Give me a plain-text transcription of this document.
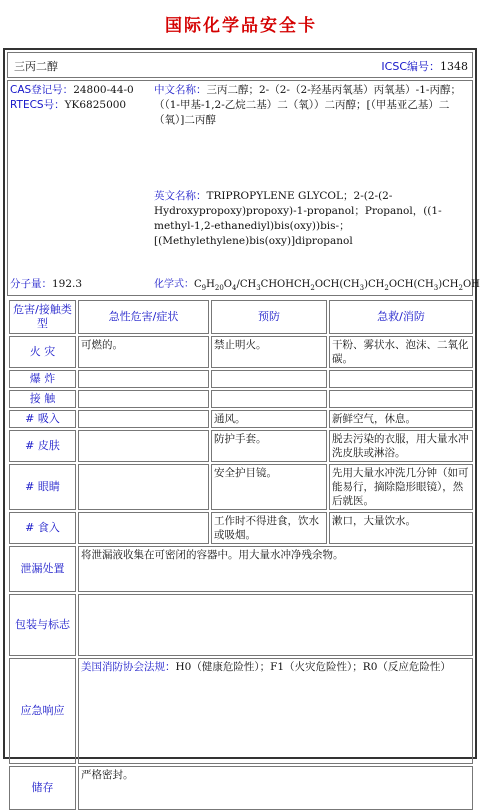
国际化学品安全卡
三丙二醇	ICSC编号：1348
CAS登记号：24800-44-0
RTECS号：YK6825000
中文名称：三丙二醇；2-（2-（2-羟基丙氧基）丙氧基）-1-丙醇；（（1-甲基-1,2-乙烷二基）二（氧））二丙醇；[（甲基亚乙基）二（氧）]二丙醇
英文名称：TRIPROPYLENE GLYCOL；2-(2-(2-Hydroxypropoxy)propoxy)-1-propanol；Propanol，((1-methyl-1,2-ethanediyl)bis(oxy))bis-；[(Methylethylene)bis(oxy)]dipropanol
分子量：192.3	化学式：$C_9H_{20}O_4/CH_3CHOHCH_2OCH(CH_3)CH_2OCH(CH_3)CH_2OH$
危害/接触类型	急性危害/症状	预防	急救/消防
火 灾	可燃的。	禁止明火。	干粉、雾状水、泡沫、二氧化碳。
爆 炸			
接 触			
# 吸入		通风。	新鲜空气，休息。
# 皮肤		防护手套。	脱去污染的衣服，用大量水冲洗皮肤或淋浴。
# 眼睛		安全护目镜。	先用大量水冲洗几分钟（如可能易行，摘除隐形眼镜），然后就医。
# 食入		工作时不得进食，饮水或吸烟。	漱口，大量饮水。
泄漏处置	将泄漏液收集在可密闭的容器中。用大量水冲净残余物。		
包装与标志			
应急响应	美国消防协会法规：H0（健康危险性）；F1（火灾危险性）；R0（反应危险性）		
储存	严格密封。		
